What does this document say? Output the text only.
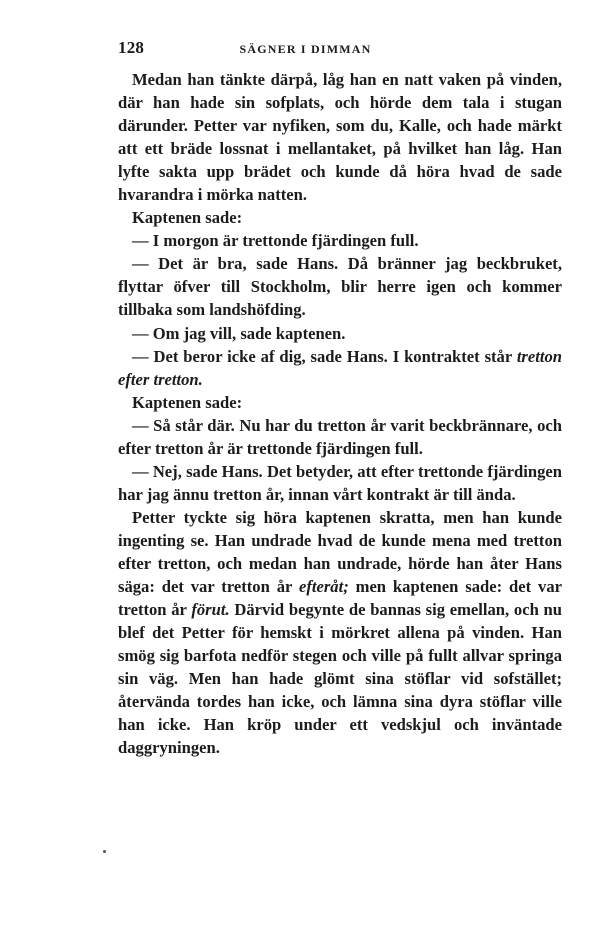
128	SÄGNER I DIMMAN

Medan han tänkte därpå, låg han en natt vaken på vinden, där han hade sin sofplats, och hörde dem tala i stugan därunder. Petter var nyfiken, som du, Kalle, och hade märkt att ett bräde lossnat i mellantaket, på hvilket han låg. Han lyfte sakta upp brädet och kunde då höra hvad de sade hvarandra i mörka natten.

Kaptenen sade:

— I morgon är trettonde fjärdingen full.

— Det är bra, sade Hans. Då bränner jag beckbruket, flyttar öfver till Stockholm, blir herre igen och kommer tillbaka som landshöfding.

— Om jag vill, sade kaptenen.

— Det beror icke af dig, sade Hans. I kontraktet står tretton efter tretton.

Kaptenen sade:

— Så står där. Nu har du tretton år varit beckbrännare, och efter tretton år är trettonde fjärdingen full.

— Nej, sade Hans. Det betyder, att efter trettonde fjärdingen har jag ännu tretton år, innan vårt kontrakt är till ända.

Petter tyckte sig höra kaptenen skratta, men han kunde ingenting se. Han undrade hvad de kunde mena med tretton efter tretton, och medan han undrade, hörde han åter Hans säga: det var tretton år efteråt; men kaptenen sade: det var tretton år förut. Därvid begynte de bannas sig emellan, och nu blef det Petter för hemskt i mörkret allena på vinden. Han smög sig barfota nedför stegen och ville på fullt allvar springa sin väg. Men han hade glömt sina stöflar vid sofstället; återvända tordes han icke, och lämna sina dyra stöflar ville han icke. Han kröp under ett vedskjul och inväntade daggryningen.
